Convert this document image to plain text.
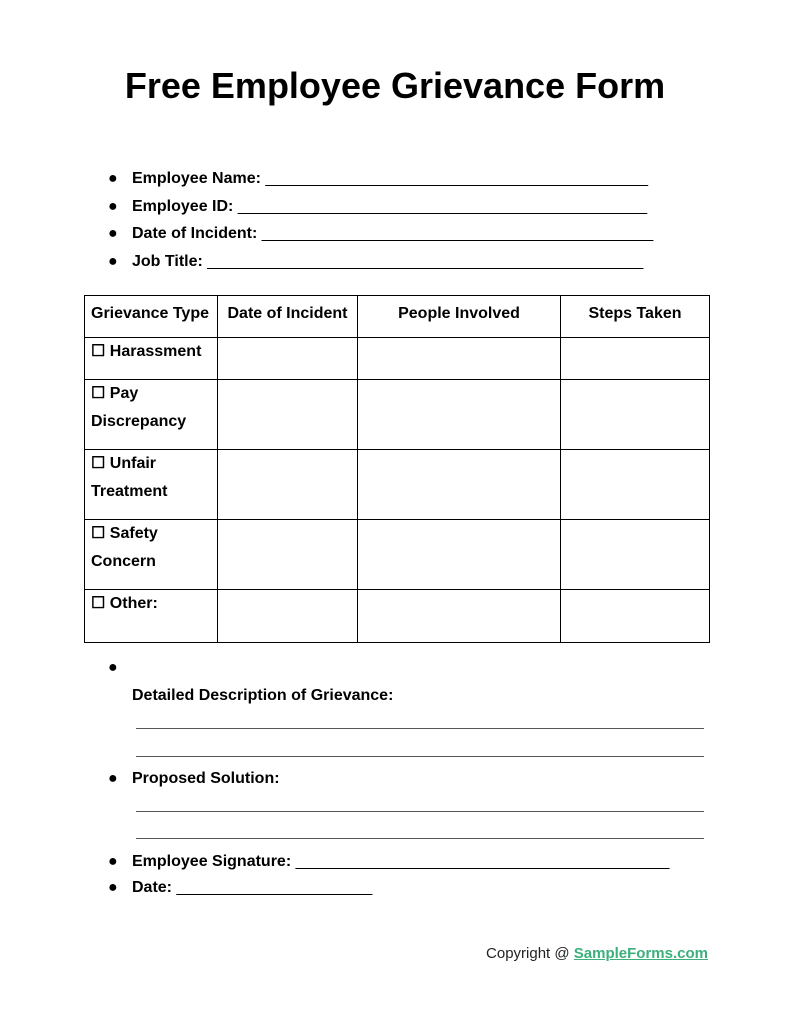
Free Employee Grievance Form
● Employee Name: ___________________________________________
● Employee ID: ______________________________________________
● Date of Incident: ____________________________________________
● Job Title: _________________________________________________
Grievance Type	Date of Incident	People Involved	Steps Taken
☐ Harassment			
☐ Pay Discrepancy			
☐ Unfair Treatment			
☐ Safety Concern			
☐ Other:			
●
Detailed Description of Grievance:
● Proposed Solution:
● Employee Signature: __________________________________________
● Date: ______________________
Copyright @ SampleForms.com
